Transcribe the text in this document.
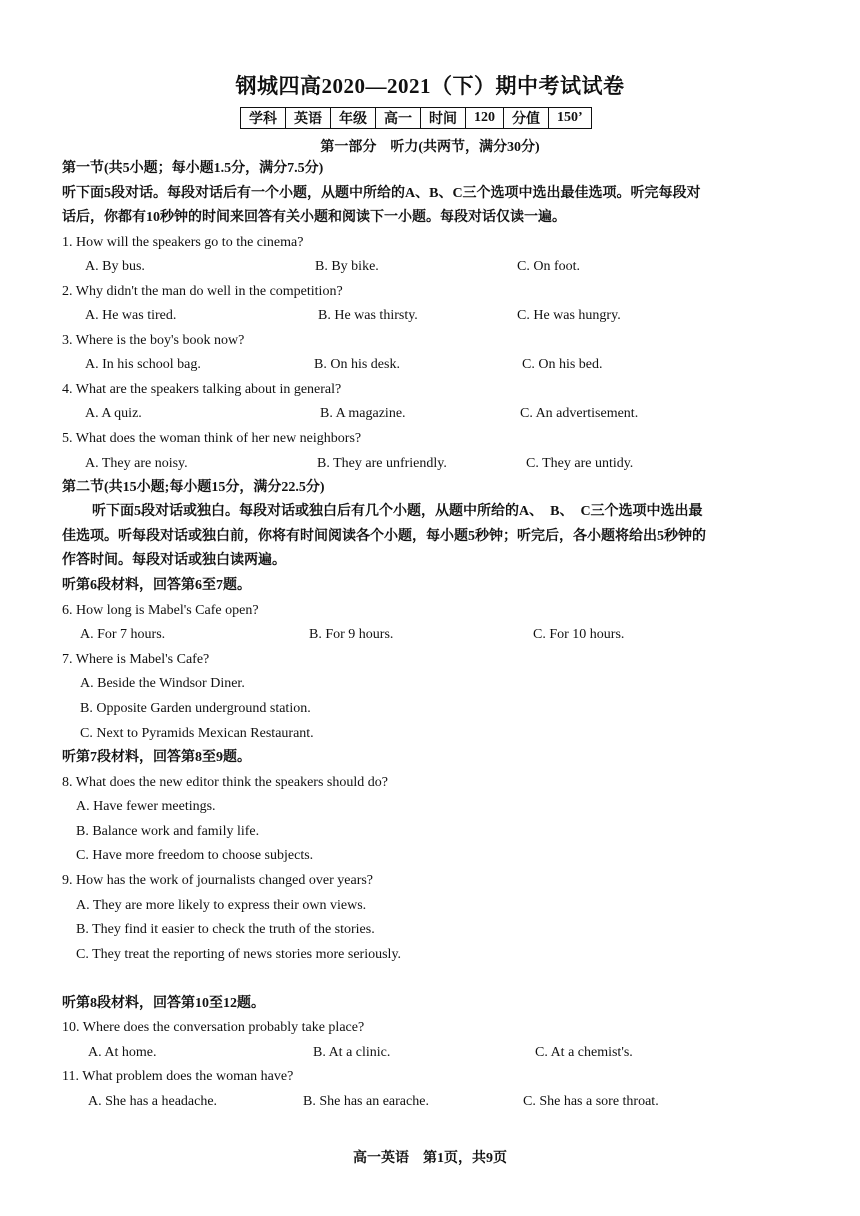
钢城四高2020—2021（下）期中考试试卷
学科	英语	年级	高一	时间	120	分值	150’
第一部分　听力(共两节，满分30分)
第一节(共5小题；每小题1.5分，满分7.5分)
听下面5段对话。每段对话后有一个小题，从题中所给的A、B、C三个选项中选出最佳选项。听完每段对
话后，你都有10秒钟的时间来回答有关小题和阅读下一小题。每段对话仅读一遍。
1. How will the speakers go to the cinema?
A. By bus.	B. By bike.	C. On foot.
2. Why didn't the man do well in the competition?
A. He was tired.	B. He was thirsty.	C. He was hungry.
3. Where is the boy's book now?
A. In his school bag.	B. On his desk.	C. On his bed.
4. What are the speakers talking about in general?
A. A quiz.	B. A magazine.	C. An advertisement.
5. What does the woman think of her new neighbors?
A. They are noisy.	B. They are unfriendly.	C. They are untidy.
第二节(共15小题;每小题15分，满分22.5分)
听下面5段对话或独白。每段对话或独白后有几个小题，从题中所给的A、　B、　C三个选项中选出最
佳选项。听每段对话或独白前，你将有时间阅读各个小题，每小题5秒钟；听完后，各小题将给出5秒钟的
作答时间。每段对话或独白读两遍。
听第6段材料，回答第6至7题。
6. How long is Mabel's Cafe open?
A. For 7 hours.	B. For 9 hours.	C. For 10 hours.
7. Where is Mabel's Cafe?
A. Beside the Windsor Diner.
B. Opposite Garden underground station.
C. Next to Pyramids Mexican Restaurant.
听第7段材料，回答第8至9题。
8. What does the new editor think the speakers should do?
A. Have fewer meetings.
B. Balance work and family life.
C. Have more freedom to choose subjects.
9. How has the work of journalists changed over years?
A. They are more likely to express their own views.
B. They find it easier to check the truth of the stories.
C. They treat the reporting of news stories more seriously.
听第8段材料，回答第10至12题。
10. Where does the conversation probably take place?
A. At home.	B. At a clinic.	C. At a chemist's.
11. What problem does the woman have?
A. She has a headache.	B. She has an earache.	C. She has a sore throat.
高一英语　第1页，共9页
